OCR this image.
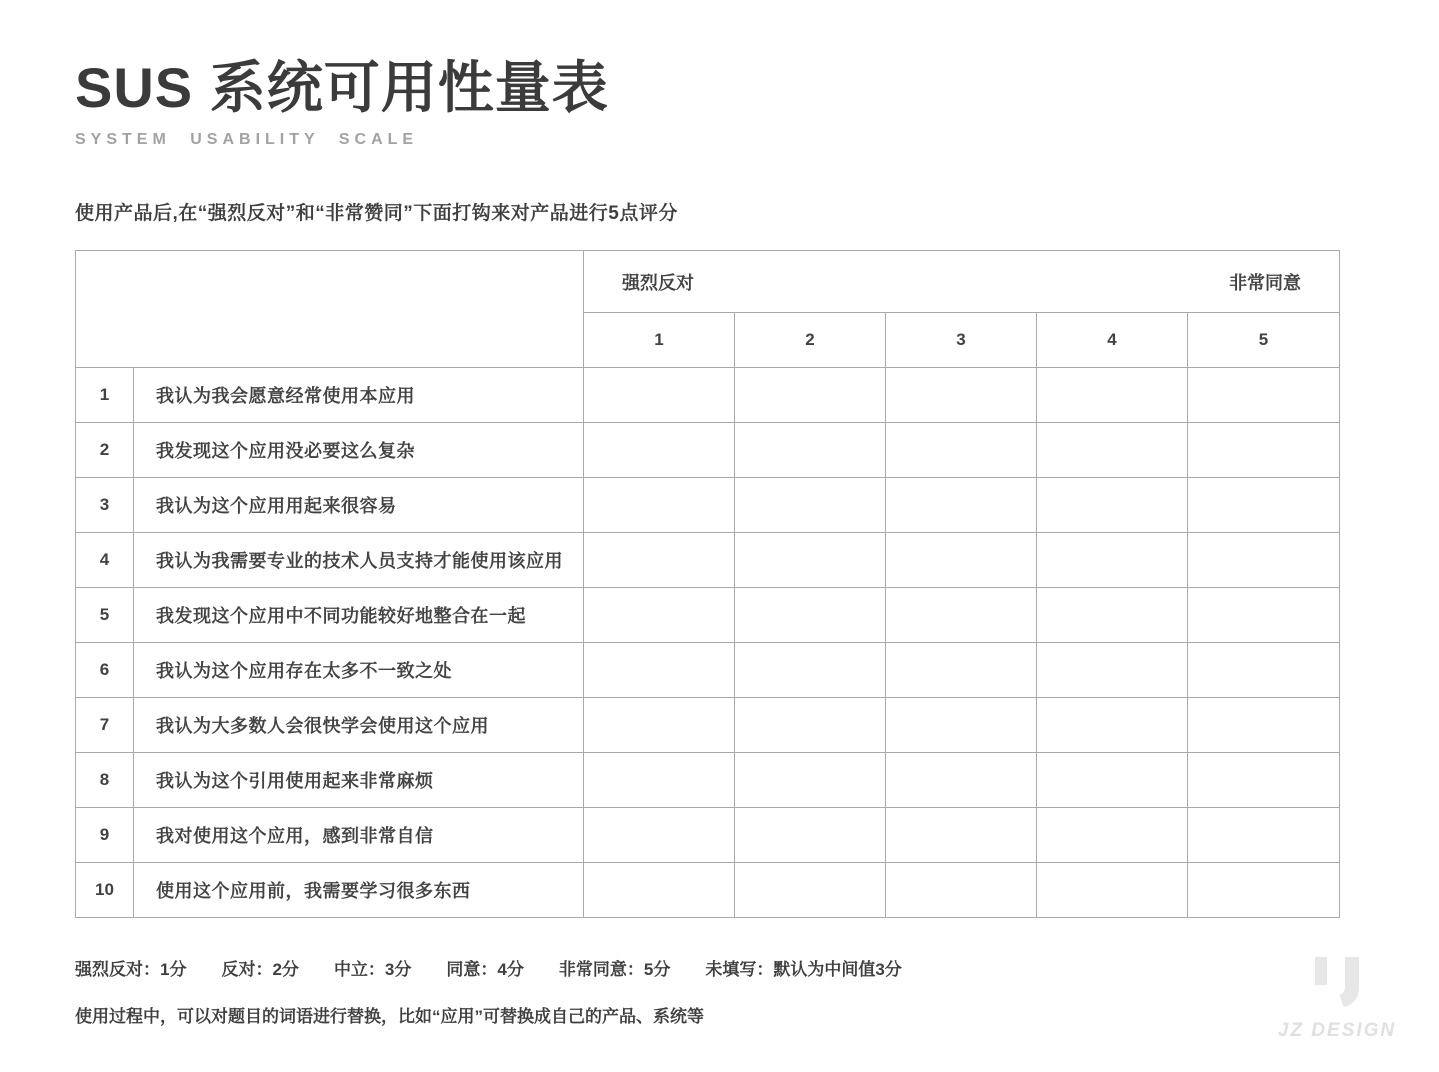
SUS 系统可用性量表
SYSTEM USABILITY SCALE

使用产品后,在“强烈反对”和“非常赞同”下面打钩来对产品进行5点评分

		强烈反对 非常同意				

		1	2	3	4	5
1	我认为我会愿意经常使用本应用					
2	我发现这个应用没必要这么复杂					
3	我认为这个应用用起来很容易					
4	我认为我需要专业的技术人员支持才能使用该应用					
5	我发现这个应用中不同功能较好地整合在一起					
6	我认为这个应用存在太多不一致之处					
7	我认为大多数人会很快学会使用这个应用					
8	我认为这个引用使用起来非常麻烦					
9	我对使用这个应用，感到非常自信					
10	使用这个应用前，我需要学习很多东西					
强烈反对：1分 反对：2分 中立：3分 同意：4分 非常同意：5分 未填写：默认为中间值3分
使用过程中，可以对题目的词语进行替换，比如“应用”可替换成自己的产品、系统等
JZ DESIGN
